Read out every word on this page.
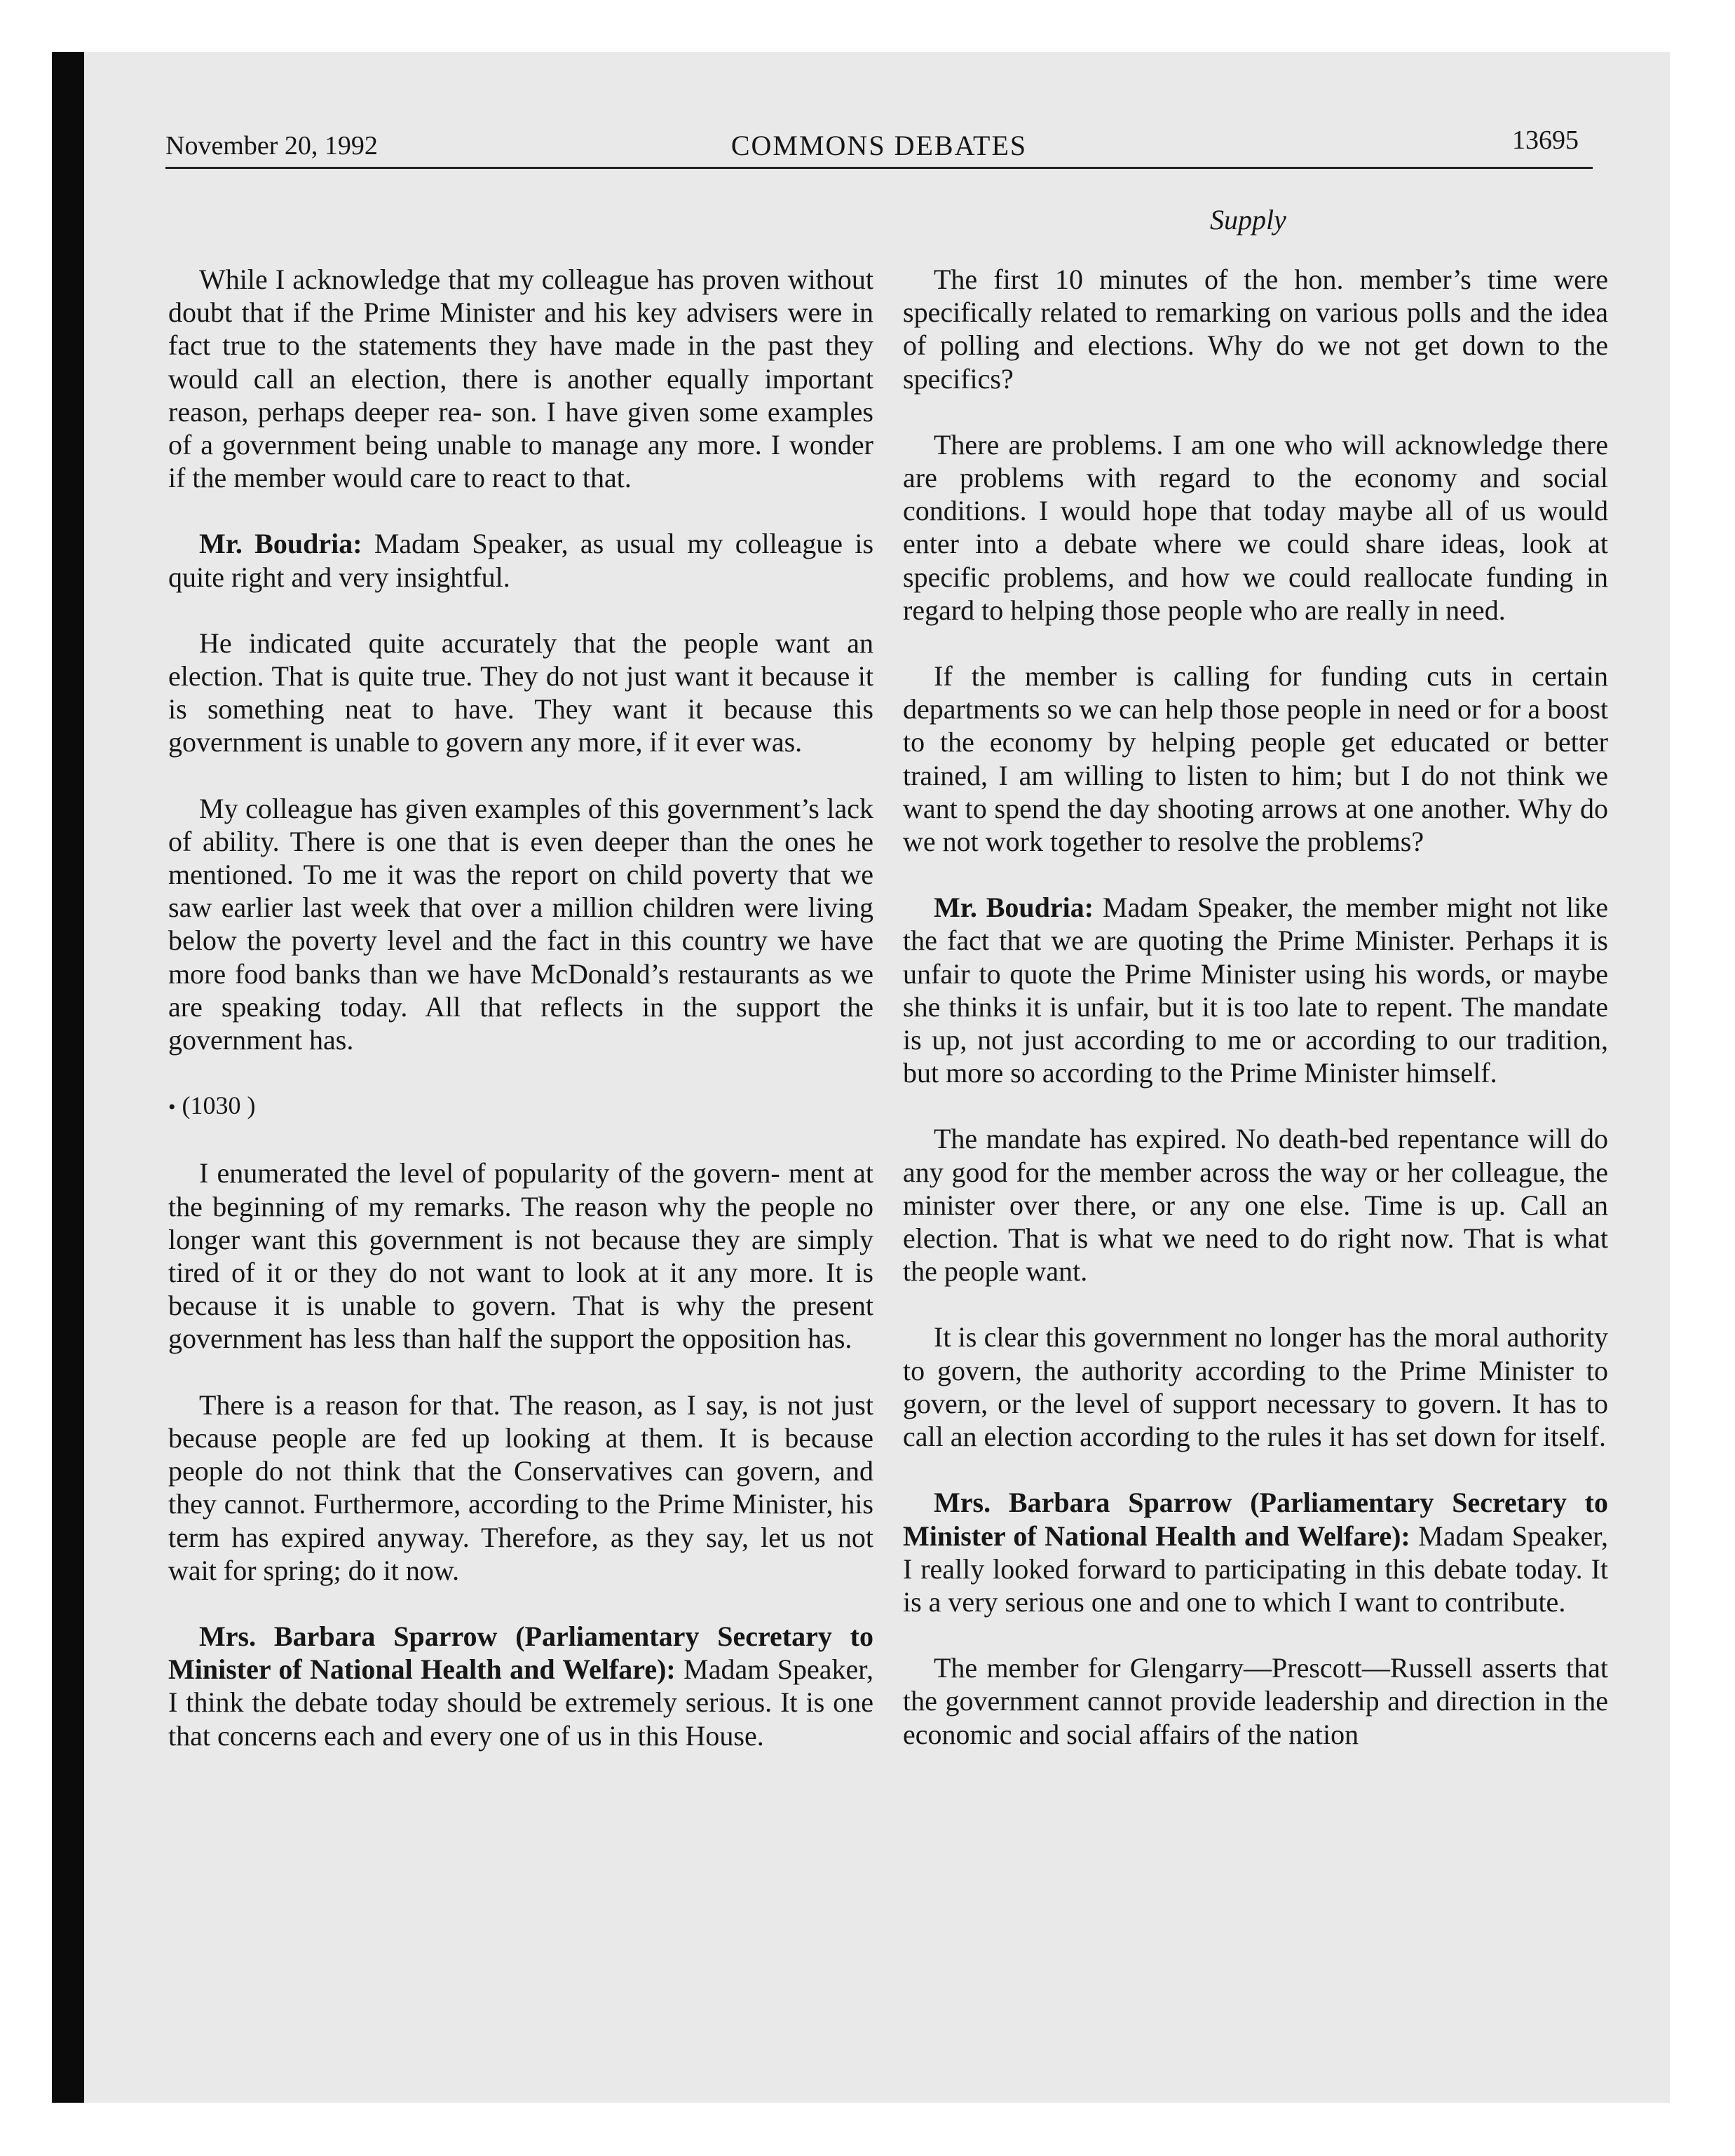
November 20, 1992	COMMONS DEBATES	13695
Supply

While I acknowledge that my colleague has proven without doubt that if the Prime Minister and his key advisers were in fact true to the statements they have made in the past they would call an election, there is another equally important reason, perhaps deeper rea- son. I have given some examples of a government being unable to manage any more. I wonder if the member would care to react to that.

Mr. Boudria: Madam Speaker, as usual my colleague is quite right and very insightful.

He indicated quite accurately that the people want an election. That is quite true. They do not just want it because it is something neat to have. They want it because this government is unable to govern any more, if it ever was.

My colleague has given examples of this government’s lack of ability. There is one that is even deeper than the ones he mentioned. To me it was the report on child poverty that we saw earlier last week that over a million children were living below the poverty level and the fact in this country we have more food banks than we have McDonald’s restaurants as we are speaking today. All that reflects in the support the government has.

• (1030 )

I enumerated the level of popularity of the govern- ment at the beginning of my remarks. The reason why the people no longer want this government is not because they are simply tired of it or they do not want to look at it any more. It is because it is unable to govern. That is why the present government has less than half the support the opposition has.

There is a reason for that. The reason, as I say, is not just because people are fed up looking at them. It is because people do not think that the Conservatives can govern, and they cannot. Furthermore, according to the Prime Minister, his term has expired anyway. Therefore, as they say, let us not wait for spring; do it now.

Mrs. Barbara Sparrow (Parliamentary Secretary to Minister of National Health and Welfare): Madam Speaker, I think the debate today should be extremely serious. It is one that concerns each and every one of us in this House.

The first 10 minutes of the hon. member’s time were specifically related to remarking on various polls and the idea of polling and elections. Why do we not get down to the specifics?

There are problems. I am one who will acknowledge there are problems with regard to the economy and social conditions. I would hope that today maybe all of us would enter into a debate where we could share ideas, look at specific problems, and how we could reallocate funding in regard to helping those people who are really in need.

If the member is calling for funding cuts in certain departments so we can help those people in need or for a boost to the economy by helping people get educated or better trained, I am willing to listen to him; but I do not think we want to spend the day shooting arrows at one another. Why do we not work together to resolve the problems?

Mr. Boudria: Madam Speaker, the member might not like the fact that we are quoting the Prime Minister. Perhaps it is unfair to quote the Prime Minister using his words, or maybe she thinks it is unfair, but it is too late to repent. The mandate is up, not just according to me or according to our tradition, but more so according to the Prime Minister himself.

The mandate has expired. No death-bed repentance will do any good for the member across the way or her colleague, the minister over there, or any one else. Time is up. Call an election. That is what we need to do right now. That is what the people want.

It is clear this government no longer has the moral authority to govern, the authority according to the Prime Minister to govern, or the level of support necessary to govern. It has to call an election according to the rules it has set down for itself.

Mrs. Barbara Sparrow (Parliamentary Secretary to Minister of National Health and Welfare): Madam Speaker, I really looked forward to participating in this debate today. It is a very serious one and one to which I want to contribute.

The member for Glengarry—Prescott—Russell asserts that the government cannot provide leadership and direction in the economic and social affairs of the nation
